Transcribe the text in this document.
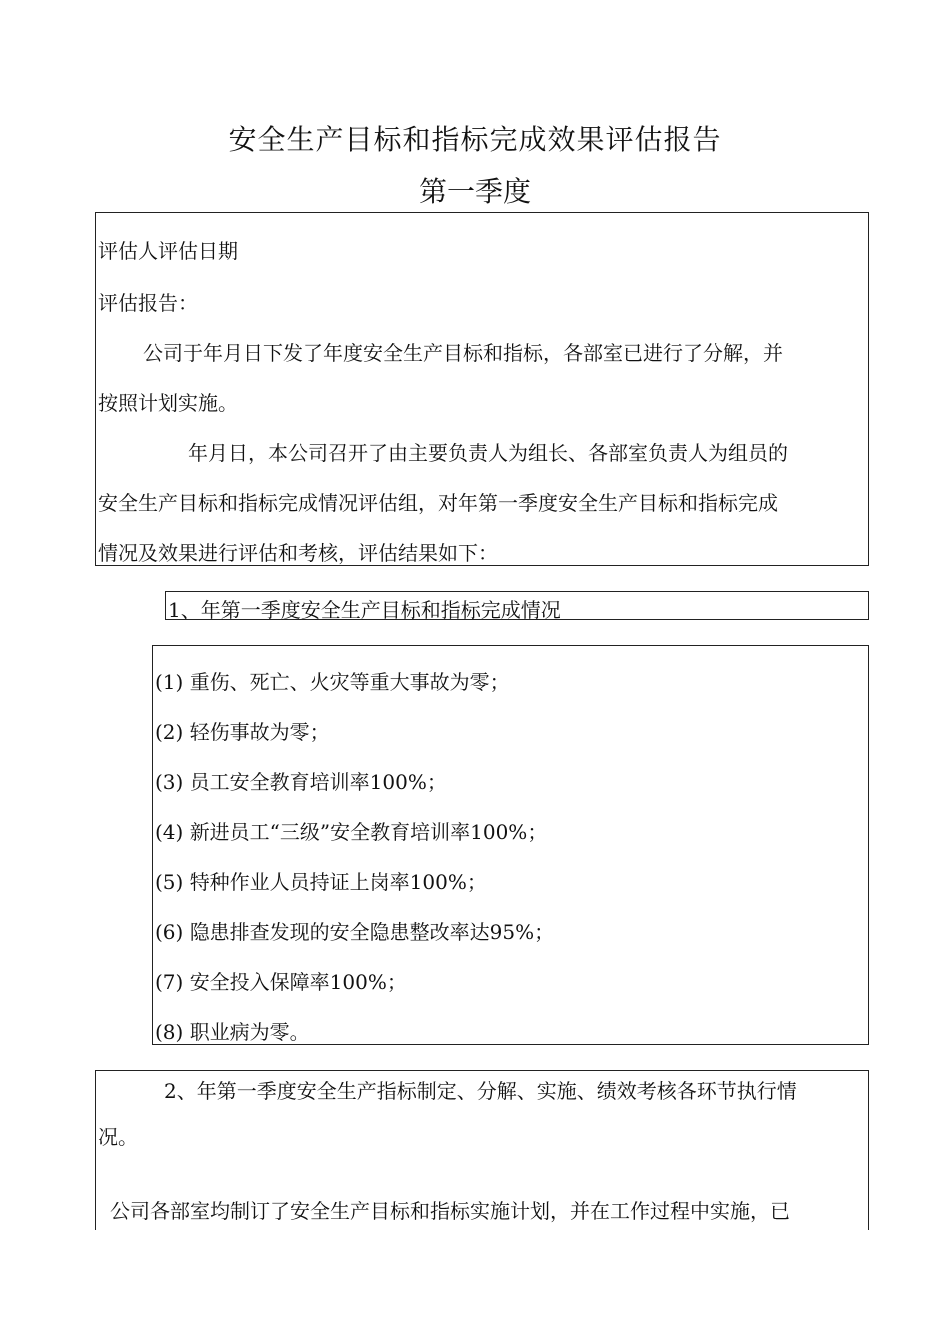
安全生产目标和指标完成效果评估报告
第一季度
评估人评估日期
评估报告：
公司于年月日下发了年度安全生产目标和指标，各部室已进行了分解，并
按照计划实施。
年月日，本公司召开了由主要负责人为组长、各部室负责人为组员的
安全生产目标和指标完成情况评估组，对年第一季度安全生产目标和指标完成
情况及效果进行评估和考核，评估结果如下：
1、年第一季度安全生产目标和指标完成情况
(1) 重伤、死亡、火灾等重大事故为零；
(2) 轻伤事故为零；
(3) 员工安全教育培训率100%；
(4) 新进员工“三级”安全教育培训率100%；
(5) 特种作业人员持证上岗率100%；
(6) 隐患排查发现的安全隐患整改率达95%；
(7) 安全投入保障率100%；
(8) 职业病为零。
2、年第一季度安全生产指标制定、分解、实施、绩效考核各环节执行情
况。
公司各部室均制订了安全生产目标和指标实施计划，并在工作过程中实施，已
